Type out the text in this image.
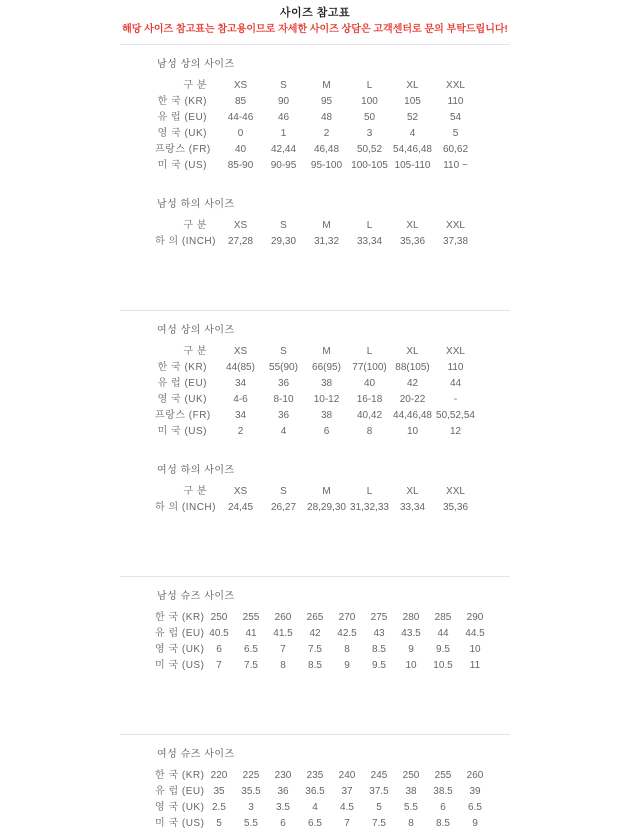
사이즈 참고표

해당 사이즈 참고표는 참고용이므로 자세한 사이즈 상담은 고객센터로 문의 부탁드립니다!

남성 상의 사이즈
구 분	XS	S	M	L	XL	XXL
한 국 (KR)	85	90	95	100	105	110
유 럽 (EU)	44-46	46	48	50	52	54
영 국 (UK)	0	1	2	3	4	5
프랑스 (FR)	40	42,44	46,48	50,52	54,46,48	60,62
미 국 (US)	85-90	90-95	95-100	100-105	105-110	110 ~
남성 하의 사이즈
구 분	XS	S	M	L	XL	XXL
하 의 (INCH)	27,28	29,30	31,32	33,34	35,36	37,38
여성 상의 사이즈
구 분	XS	S	M	L	XL	XXL
한 국 (KR)	44(85)	55(90)	66(95)	77(100)	88(105)	110
유 럽 (EU)	34	36	38	40	42	44
영 국 (UK)	4-6	8-10	10-12	16-18	20-22	-
프랑스 (FR)	34	36	38	40,42	44,46,48	50,52,54
미 국 (US)	2	4	6	8	10	12
여성 하의 사이즈
구 분	XS	S	M	L	XL	XXL
하 의 (INCH)	24,45	26,27	28,29,30	31,32,33	33,34	35,36
남성 슈즈 사이즈
한 국 (KR)	250	255	260	265	270	275	280	285	290
유 럽 (EU)	40.5	41	41.5	42	42.5	43	43.5	44	44.5
영 국 (UK)	6	6.5	7	7.5	8	8.5	9	9.5	10
미 국 (US)	7	7.5	8	8.5	9	9.5	10	10.5	11
여성 슈즈 사이즈
한 국 (KR)	220	225	230	235	240	245	250	255	260
유 럽 (EU)	35	35.5	36	36.5	37	37.5	38	38.5	39
영 국 (UK)	2.5	3	3.5	4	4.5	5	5.5	6	6.5
미 국 (US)	5	5.5	6	6.5	7	7.5	8	8.5	9
